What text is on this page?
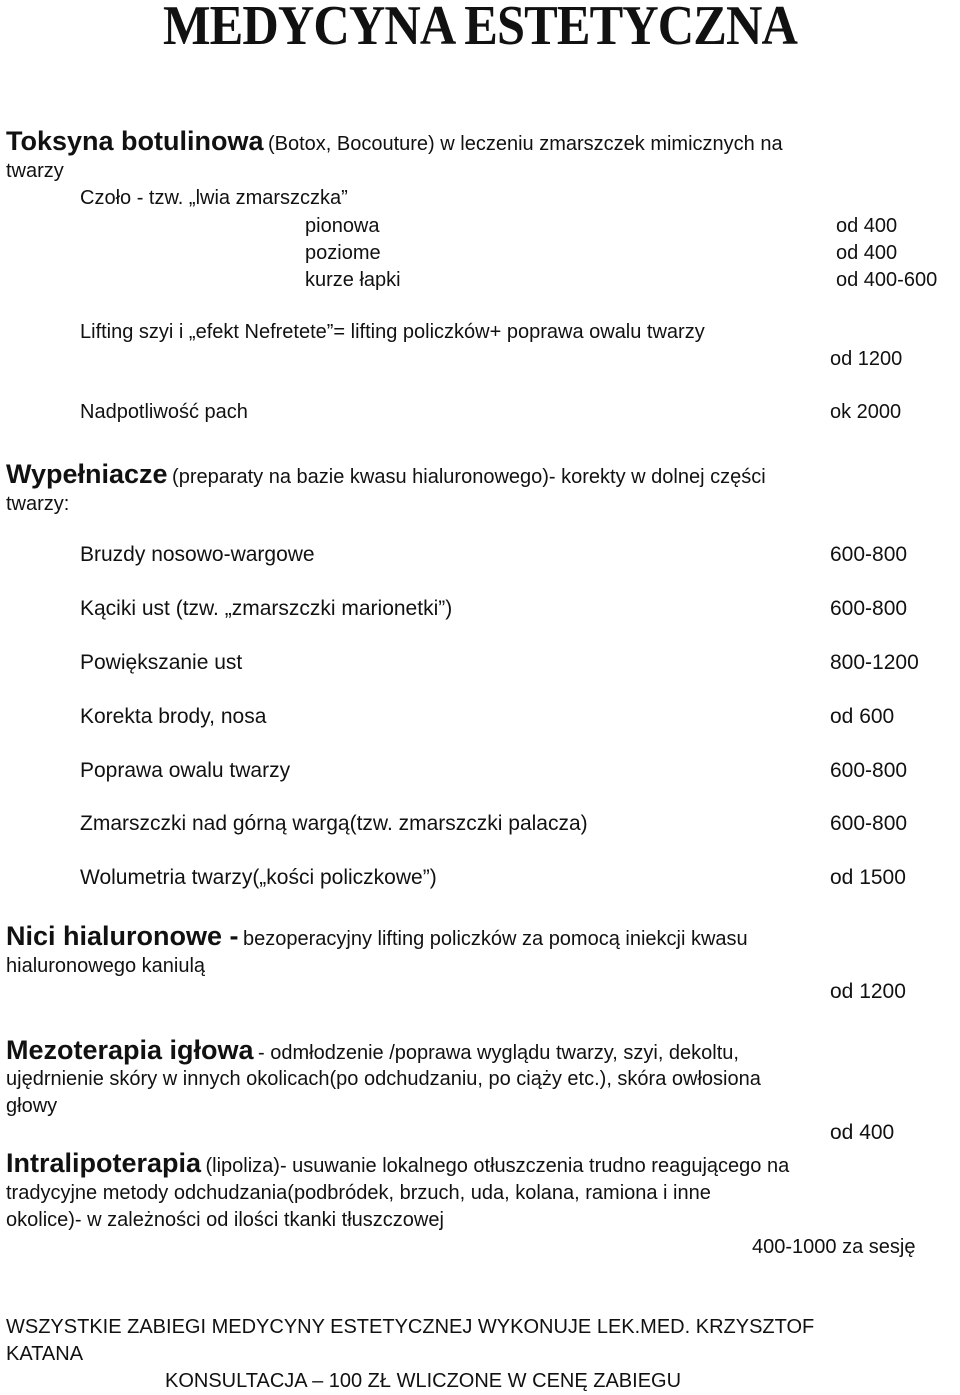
MEDYCYNA ESTETYCZNA
Toksyna botulinowa (Botox, Bocouture) w leczeniu zmarszczek mimicznych na
twarzy
Czoło - tzw. „lwia zmarszczka”
pionowa	od 400
poziome	od 400
kurze łapki	od 400-600
Lifting szyi i „efekt Nefretete”= lifting policzków+ poprawa owalu twarzy
od 1200
Nadpotliwość pach	ok 2000
Wypełniacze (preparaty na bazie kwasu hialuronowego)- korekty w dolnej części
twarzy:
Bruzdy nosowo-wargowe	600-800
Kąciki ust (tzw. „zmarszczki marionetki”)	600-800
Powiększanie ust	800-1200
Korekta brody, nosa	od 600
Poprawa owalu twarzy	600-800
Zmarszczki nad górną wargą(tzw. zmarszczki palacza)	600-800
Wolumetria twarzy(„kości policzkowe”)	od 1500
Nici hialuronowe - bezoperacyjny lifting policzków za pomocą iniekcji kwasu
hialuronowego kaniulą
od 1200
Mezoterapia igłowa - odmłodzenie /poprawa wyglądu twarzy, szyi, dekoltu,
ujędrnienie skóry w innych okolicach(po odchudzaniu, po ciąży etc.), skóra owłosiona
głowy
od 400
Intralipoterapia (lipoliza)- usuwanie lokalnego otłuszczenia trudno reagującego na
tradycyjne metody odchudzania(podbródek, brzuch, uda, kolana, ramiona i inne
okolice)- w zależności od ilości tkanki tłuszczowej
400-1000 za sesję
WSZYSTKIE ZABIEGI MEDYCYNY ESTETYCZNEJ WYKONUJE LEK.MED. KRZYSZTOF
KATANA
KONSULTACJA – 100 ZŁ WLICZONE W CENĘ ZABIEGU
